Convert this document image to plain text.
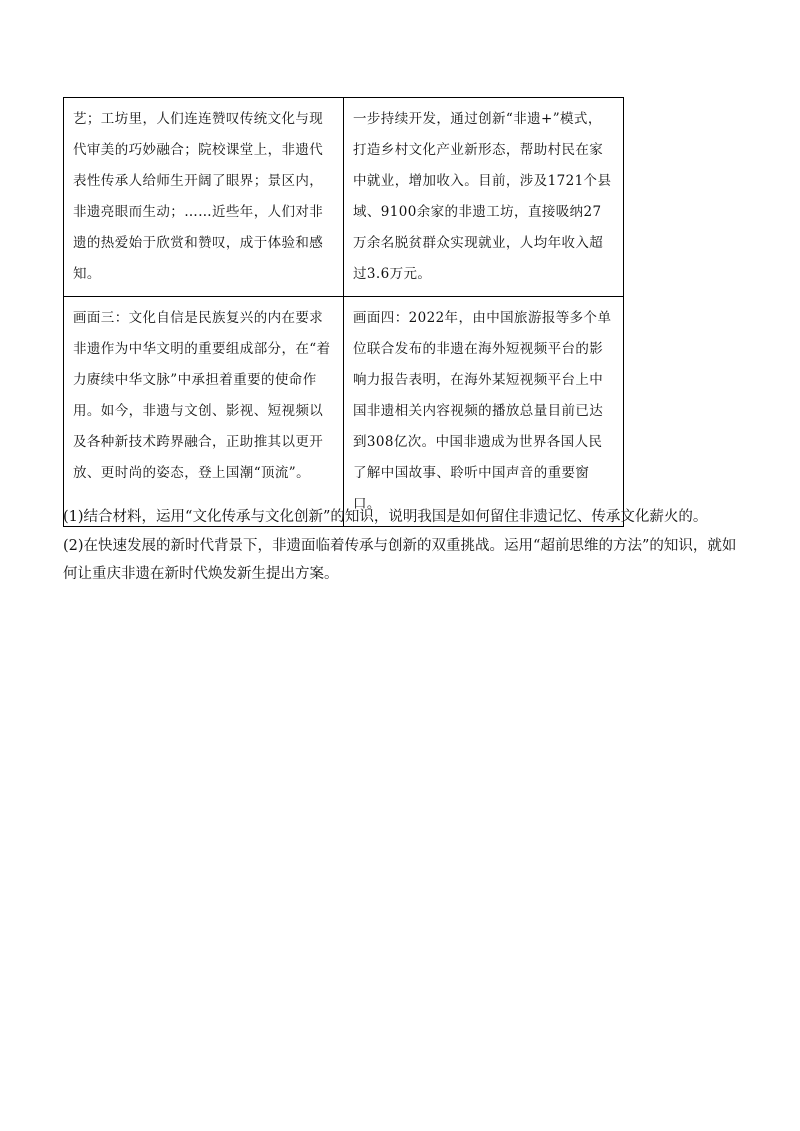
艺；工坊里，人们连连赞叹传统文化与现代审美的巧妙融合；院校课堂上，非遗代表性传承人给师生开阔了眼界；景区内，非遗亮眼而生动；……近些年，人们对非遗的热爱始于欣赏和赞叹，成于体验和感知。	一步持续开发，通过创新“非遗+”模式，打造乡村文化产业新形态，帮助村民在家中就业，增加收入。目前，涉及1721个县域、9100余家的非遗工坊，直接吸纳27万余名脱贫群众实现就业，人均年收入超过3.6万元。
画面三：文化自信是民族复兴的内在要求非遗作为中华文明的重要组成部分，在“着力赓续中华文脉”中承担着重要的使命作用。如今，非遗与文创、影视、短视频以及各种新技术跨界融合，正助推其以更开放、更时尚的姿态，登上国潮“顶流”。	画面四：2022年，由中国旅游报等多个单位联合发布的非遗在海外短视频平台的影响力报告表明，在海外某短视频平台上中国非遗相关内容视频的播放总量目前已达到308亿次。中国非遗成为世界各国人民了解中国故事、聆听中国声音的重要窗口。

(1)结合材料，运用“文化传承与文化创新”的知识，说明我国是如何留住非遗记忆、传承文化薪火的。

(2)在快速发展的新时代背景下，非遗面临着传承与创新的双重挑战。运用“超前思维的方法”的知识，就如何让重庆非遗在新时代焕发新生提出方案。
